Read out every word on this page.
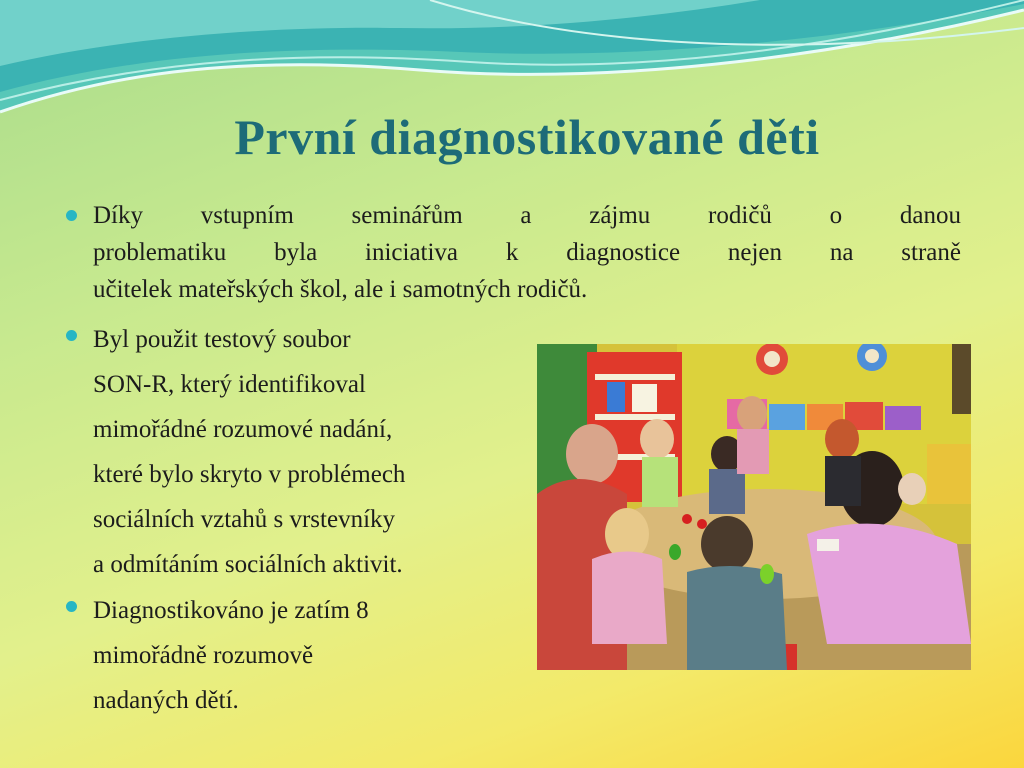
První diagnostikované děti
Díky vstupním seminářům a zájmu rodičů o danou
problematiku byla iniciativa k diagnostice nejen na straně
učitelek mateřských škol, ale i samotných rodičů.
Byl použit testový soubor
SON-R, který identifikoval
mimořádné rozumové nadání,
které bylo skryto v problémech
sociálních vztahů s vrstevníky
a odmítáním sociálních aktivit.
Diagnostikováno je zatím 8
mimořádně rozumově
nadaných dětí.
